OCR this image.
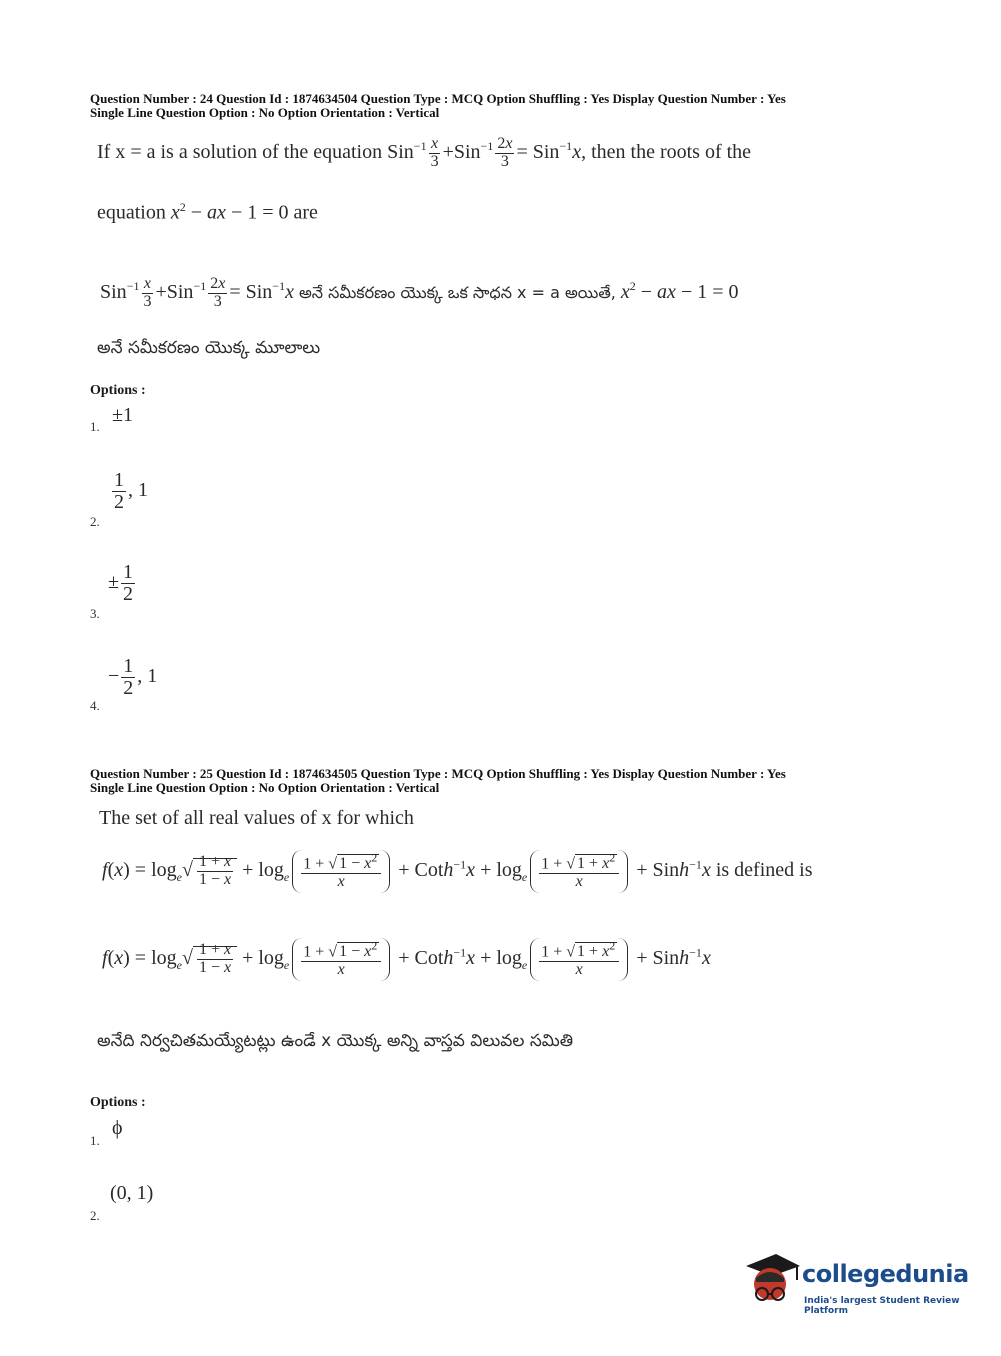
Question Number : 24 Question Id : 1874634504 Question Type : MCQ Option Shuffling : Yes Display Question Number : Yes
Single Line Question Option : No Option Orientation : Vertical
If x = a is a solution of the equation $Sin^{-1} \frac{x}{3} +Sin^{-1} \frac{2x}{3} = Sin^{-1}x$, then the roots of the
equation $x^2$ − ax − 1 = 0 are
$Sin^{-1} \frac{x}{3} +Sin^{-1} \frac{2x}{3} = Sin^{-1}x$ అనే సమీకరణం యొక్క ఒక సాధన x = a అయితే, $x^2$ − ax − 1 = 0
అనే సమీకరణం యొక్క మూలాలు
Options :
1.
±1
2.
$\frac{1}{2}$ , 1
3.
± $\frac{1}{2}$
4.
− $\frac{1}{2}$ , 1
Question Number : 25 Question Id : 1874634505 Question Type : MCQ Option Shuffling : Yes Display Question Number : Yes
Single Line Question Option : No Option Orientation : Vertical
The set of all real values of x for which
$f(x) = \log_e√ \frac{1 + x}{1 - x} + \log_e \frac{1 + √ 1 - x^2}{x}$ + Coth$^{-1}$x + $\log_e \frac{1 + √ 1 + x^2}{x}$ + Sinh$^{-1}$x is defined is
$f(x) = \log_e√ \frac{1 + x}{1 - x} + \log_e \frac{1 + √ 1 - x^2}{x}$ + Coth$^{-1}$x + $\log_e \frac{1 + √ 1 + x^2}{x}$ + Sinh$^{-1}$x
అనేది నిర్వచితమయ్యేటట్లు ఉండే x యొక్క అన్ని వాస్తవ విలువల సమితి
Options :
1.
ϕ
2.
(0, 1)
collegedunia
India's largest Student Review Platform
